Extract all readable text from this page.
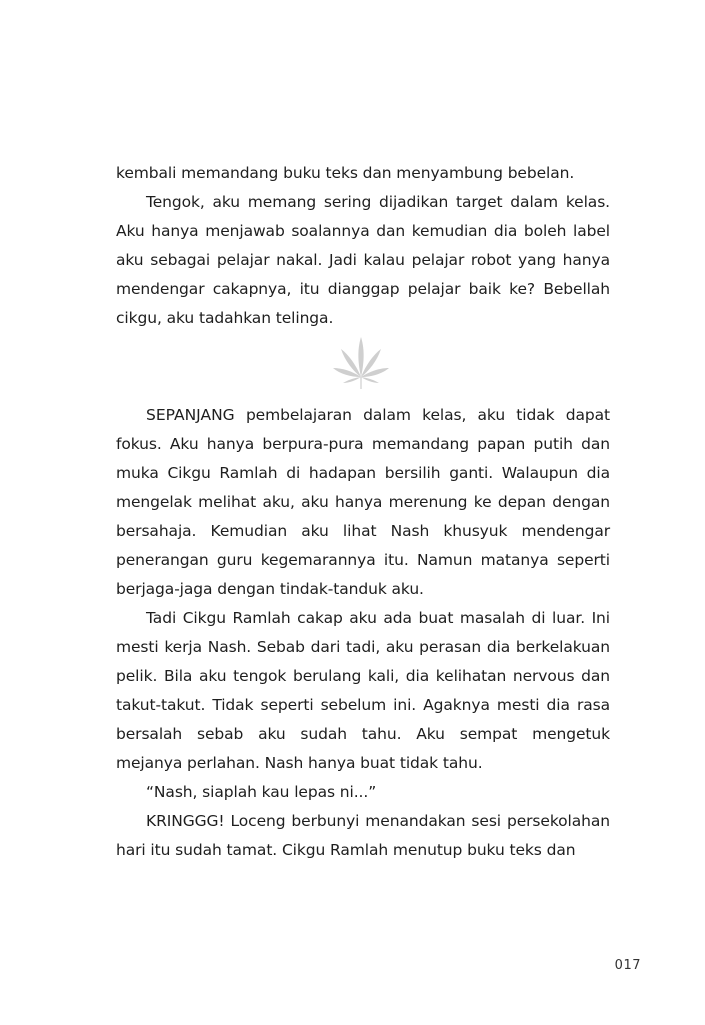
kembali memandang buku teks dan menyambung bebelan.

Tengok, aku memang sering dijadikan target dalam kelas. Aku hanya menjawab soalannya dan kemudian dia boleh label aku sebagai pelajar nakal. Jadi kalau pelajar robot yang hanya mendengar cakapnya, itu dianggap pelajar baik ke? Bebellah cikgu, aku tadahkan telinga.

SEPANJANG pembelajaran dalam kelas, aku tidak dapat fokus. Aku hanya berpura-pura memandang papan putih dan muka Cikgu Ramlah di hadapan bersilih ganti. Walaupun dia mengelak melihat aku, aku hanya merenung ke depan dengan bersahaja. Kemudian aku lihat Nash khusyuk mendengar penerangan guru kegemarannya itu. Namun matanya seperti berjaga-jaga dengan tindak-tanduk aku.

Tadi Cikgu Ramlah cakap aku ada buat masalah di luar. Ini mesti kerja Nash. Sebab dari tadi, aku perasan dia berkelakuan pelik. Bila aku tengok berulang kali, dia kelihatan nervous dan takut-takut. Tidak seperti sebelum ini. Agaknya mesti dia rasa bersalah sebab aku sudah tahu. Aku sempat mengetuk mejanya perlahan. Nash hanya buat tidak tahu.

“Nash, siaplah kau lepas ni...”

KRINGGG! Loceng berbunyi menandakan sesi persekolahan hari itu sudah tamat. Cikgu Ramlah menutup buku teks dan

017
